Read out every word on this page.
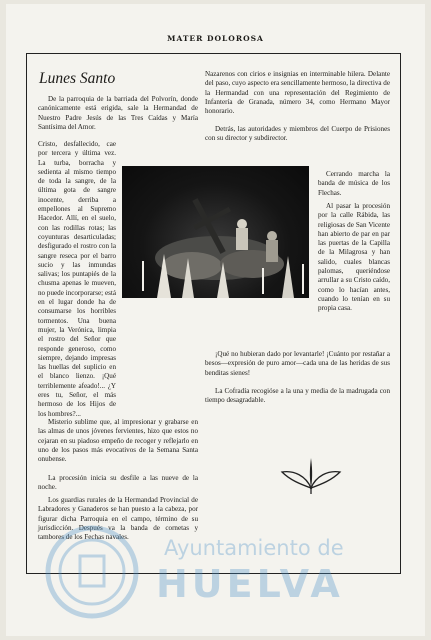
MATER DOLOROSA
Lunes Santo

De la parroquia de la barriada del Polvorín, donde canónicamente está erigida, sale la Hermandad de Nuestro Padre Jesús de las Tres Caídas y María Santísima del Amor.

Cristo, desfallecido, cae por tercera y última vez. La turba, borracha y sedienta al mismo tiempo de toda la sangre, de la última gota de sangre inocente, derriba a empellones al Supremo Hacedor. Allí, en el suelo, con las rodillas rotas; las coyunturas desarticuladas; desfigurado el rostro con la sangre reseca por el barro sucio y las inmundas salivas; los puntapiés de la chusma apenas le mueven, no puede incorporarse; está en el lugar donde ha de consumarse los horribles tormentos. Una buena mujer, la Verónica, limpia el rostro del Señor que responde generoso, como siempre, dejando impresas las huellas del suplicio en el blanco lienzo. ¡Qué terriblemente afeado!... ¿Y eres tu, Señor, el más hermoso de los Hijos de los hombres?...

Misterio sublime que, al impresionar y grabarse en las almas de unos jóvenes fervientes, hizo que estos no cejaran en su piadoso empeño de recoger y reflejarlo en uno de los pasos más evocativos de la Semana Santa onubense.

La procesión inicia su desfile a las nueve de la noche.

Los guardias rurales de la Hermandad Provincial de Labradores y Ganaderos se han puesto a la cabeza, por figurar dicha Parroquia en el campo, término de su jurisdicción. Después va la banda de cornetas y tambores de los Fechas navales.

Nazarenos con cirios e insignias en interminable hilera. Delante del paso, cuyo aspecto era sencillamente hermoso, la directiva de la Hermandad con una representación del Regimiento de Infantería de Granada, número 34, como Hermano Mayor honorario.

Detrás, las autoridades y miembros del Cuerpo de Prisiones con su director y subdirector.

Cerrando marcha la banda de música de los Flechas.

Al pasar la procesión por la calle Rábida, las religiosas de San Vicente han abierto de par en par las puertas de la Capilla de la Milagrosa y han salido, cuales blancas palomas, queriéndose arrullar a su Cristo caído, como lo hacían antes, cuando lo tenían en su propia casa.

¡Qué no hubieran dado por levantarle! ¡Cuánto por restañar a besos—expresión de puro amor—cada una de las heridas de sus benditas sienes!

La Cofradía recogióse a la una y media de la madrugada con tiempo desagradable.

Ayuntamiento de
HUELVA
